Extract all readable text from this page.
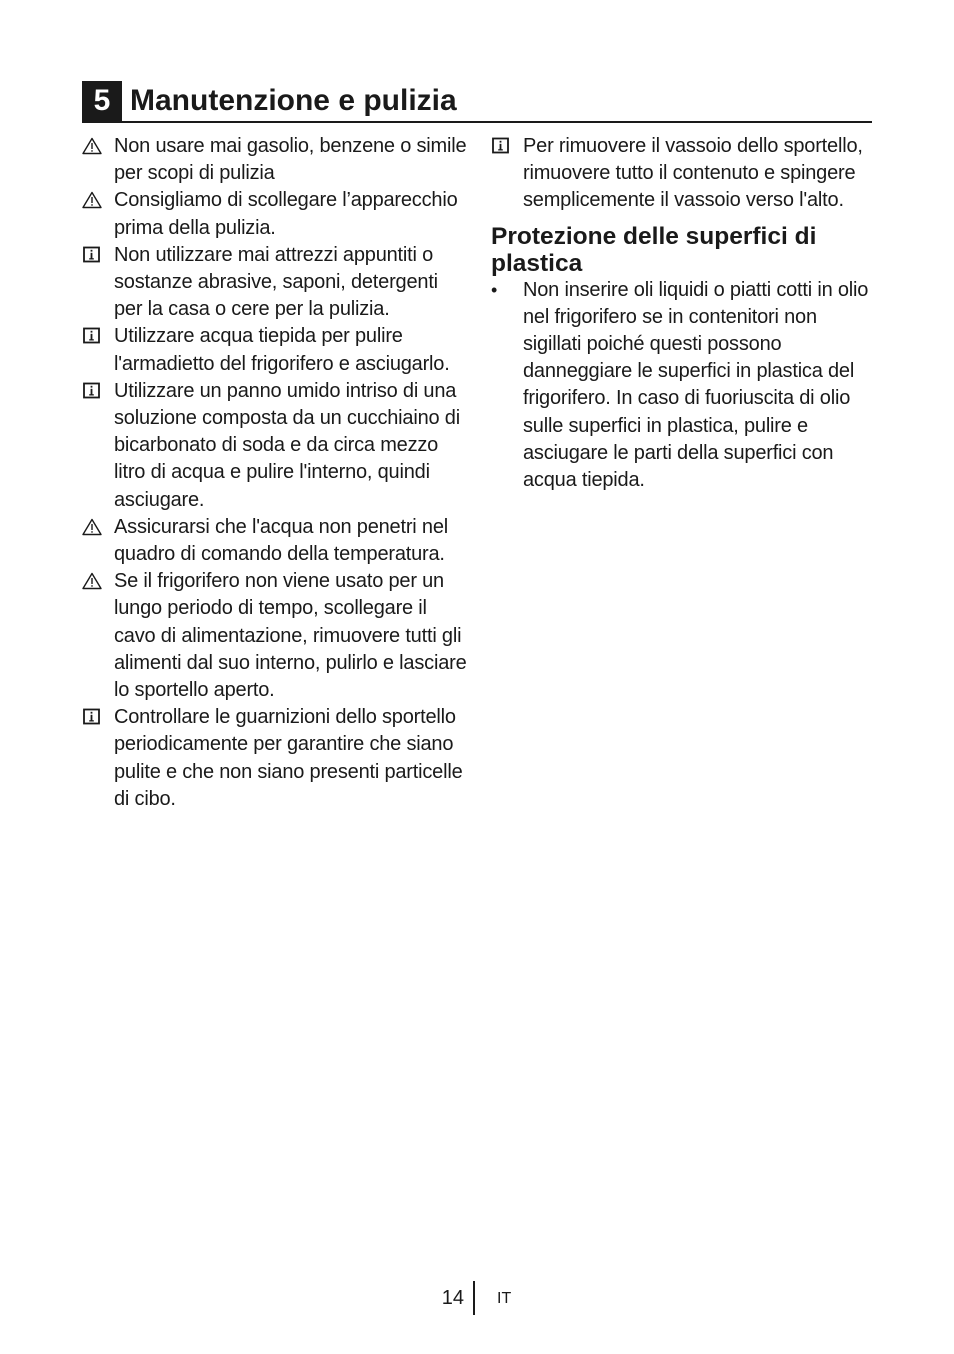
5 Manutenzione e pulizia
Non usare mai gasolio, benzene o simile per scopi di pulizia
Consigliamo di scollegare l’apparecchio prima della pulizia.
Non utilizzare mai attrezzi appuntiti o sostanze abrasive, saponi, detergenti per la casa o cere per la pulizia.
Utilizzare acqua tiepida per pulire l'armadietto del frigorifero e asciugarlo.
Utilizzare un panno umido intriso di una soluzione composta da un cucchiaino di bicarbonato di soda e da circa mezzo litro di acqua e pulire l'interno, quindi asciugare.
Assicurarsi che l'acqua non penetri nel quadro di comando della temperatura.
Se il frigorifero non viene usato per un lungo periodo di tempo, scollegare il cavo di alimentazione, rimuovere tutti gli alimenti dal suo interno, pulirlo e lasciare lo sportello aperto.
Controllare le guarnizioni dello sportello periodicamente per garantire che siano pulite e che non siano presenti particelle di cibo.
Per rimuovere il vassoio dello sportello, rimuovere tutto il contenuto e spingere semplicemente il vassoio verso l'alto.
Protezione delle superfici di plastica
•	Non inserire oli liquidi o piatti cotti in olio nel frigorifero se in contenitori non sigillati poiché questi possono danneggiare le superfici in plastica del frigorifero. In caso di fuoriuscita di olio sulle superfici in plastica, pulire e asciugare le parti della superfici con acqua tiepida.
14 IT
